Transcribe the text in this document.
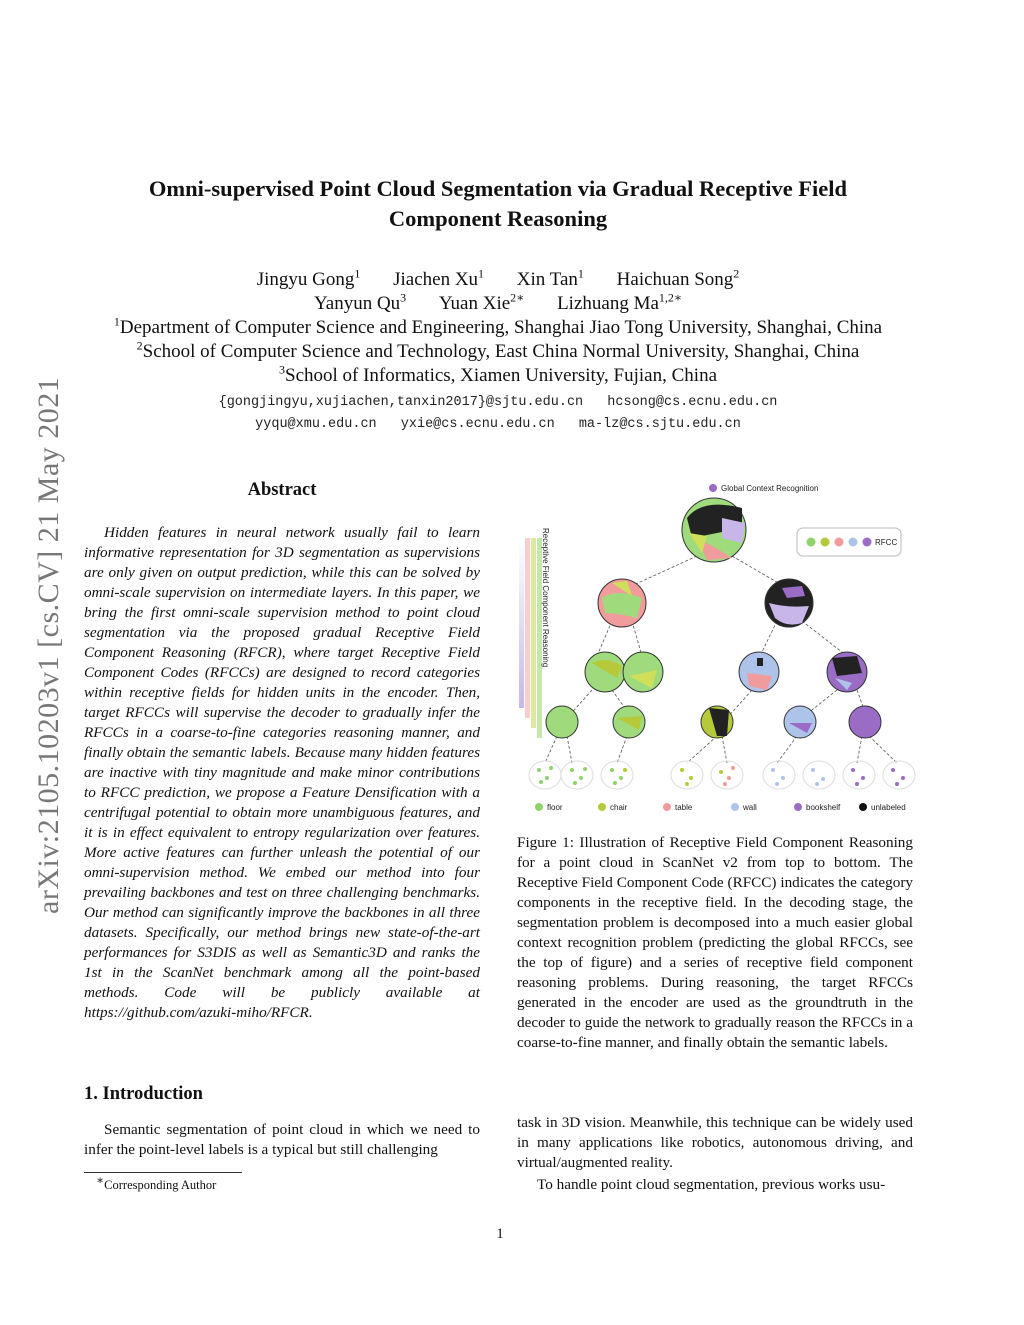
arXiv:2105.10203v1 [cs.CV] 21 May 2021
Omni-supervised Point Cloud Segmentation via Gradual Receptive Field
Component Reasoning
Jingyu Gong$^1$ Jiachen Xu$^1$ Xin Tan$^1$ Haichuan Song$^2$
Yanyun Qu$^3$ Yuan Xie$^{2∗}$ Lizhuang $Ma^{1,2∗}$
$^1$Department of Computer Science and Engineering, Shanghai Jiao Tong University, Shanghai, China
$^2$School of Computer Science and Technology, East China Normal University, Shanghai, China
$^3$School of Informatics, Xiamen University, Fujian, China
{gongjingyu,xujiachen,tanxin2017}@sjtu.edu.cn hcsong@cs.ecnu.edu.cn
yyqu@xmu.edu.cn yxie@cs.ecnu.edu.cn ma-lz@cs.sjtu.edu.cn
Abstract
Hidden features in neural network usually fail to learn informative representation for 3D segmentation as supervisions are only given on output prediction, while this can be solved by omni-scale supervision on intermediate layers. In this paper, we bring the first omni-scale supervision method to point cloud segmentation via the proposed gradual Receptive Field Component Reasoning (RFCR), where target Receptive Field Component Codes (RFCCs) are designed to record categories within receptive fields for hidden units in the encoder. Then, target RFCCs will supervise the decoder to gradually infer the RFCCs in a coarse-to-fine categories reasoning manner, and finally obtain the semantic labels. Because many hidden features are inactive with tiny magnitude and make minor contributions to RFCC prediction, we propose a Feature Densification with a centrifugal potential to obtain more unambiguous features, and it is in effect equivalent to entropy regularization over features. More active features can further unleash the potential of our omni-supervision method. We embed our method into four prevailing backbones and test on three challenging benchmarks. Our method can significantly improve the backbones in all three datasets. Specifically, our method brings new state-of-the-art performances for S3DIS as well as Semantic3D and ranks the 1st in the ScanNet benchmark among all the point-based methods. Code will be publicly available at https://github.com/azuki-miho/RFCR.
1. Introduction
Semantic segmentation of point cloud in which we need to infer the point-level labels is a typical but still challenging
∗Corresponding Author
Receptive Field Component Reasoning
Global Context Recognition
RFCC
floor	chair	table	wall	bookshelf	unlabeled
Figure 1: Illustration of Receptive Field Component Reasoning for a point cloud in ScanNet v2 from top to bottom. The Receptive Field Component Code (RFCC) indicates the category components in the receptive field. In the decoding stage, the segmentation problem is decomposed into a much easier global context recognition problem (predicting the global RFCCs, see the top of figure) and a series of receptive field component reasoning problems. During reasoning, the target RFCCs generated in the encoder are used as the groundtruth in the decoder to guide the network to gradually reason the RFCCs in a coarse-to-fine manner, and finally obtain the semantic labels.
task in 3D vision. Meanwhile, this technique can be widely used in many applications like robotics, autonomous driving, and virtual/augmented reality.
To handle point cloud segmentation, previous works usu-
1
